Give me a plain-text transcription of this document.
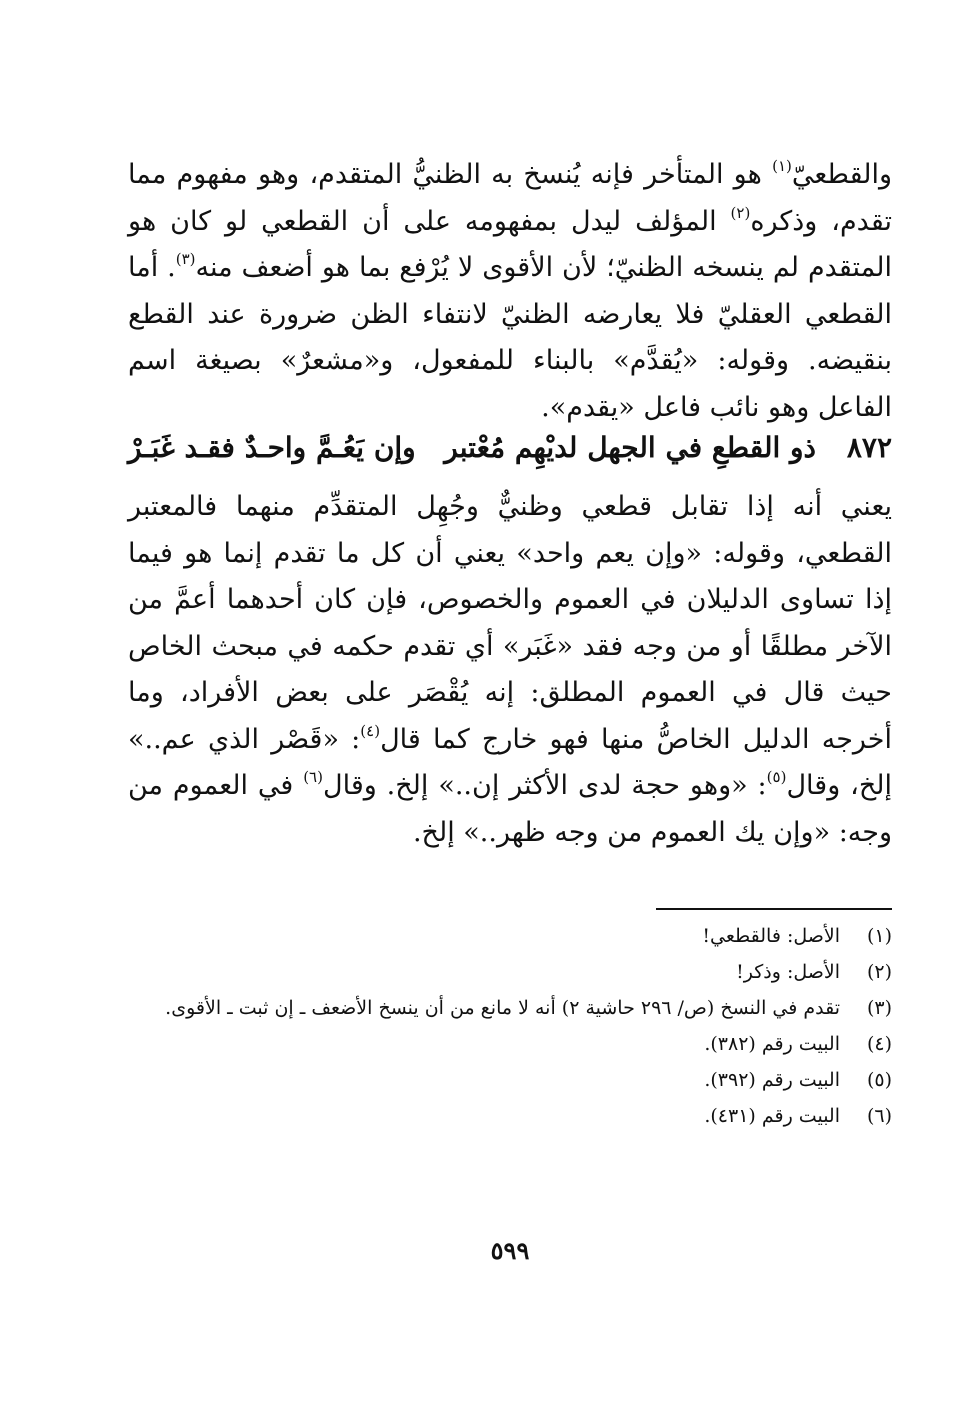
والقطعيّ$^{(١)}$ هو المتأخر فإنه يُنسخ به الظنيُّ المتقدم، وهو مفهوم مما تقدم، وذكره$^{(٢)}$ المؤلف ليدل بمفهومه على أن القطعي لو كان هو المتقدم لم ينسخه الظنيّ؛ لأن الأقوى لا يُرْفع بما هو أضعف منه$^{(٣)}$. أما القطعي العقليّ فلا يعارضه الظنيّ لانتفاء الظن ضرورة عند القطع بنقيضه. وقوله: «يُقدَّم» بالبناء للمفعول، و«مشعرٌ» بصيغة اسم الفاعل وهو نائب فاعل «يقدم».
٨٧٢
ذو القطعِ في الجهل لديْهِم مُعْتبر
وإن يَعُـمَّ واحـدٌ فقـد غَبَـرْ
يعني أنه إذا تقابل قطعي وظنيٌّ وجُهِل المتقدِّم منهما فالمعتبر القطعي، وقوله: «وإن يعم واحد» يعني أن كل ما تقدم إنما هو فيما إذا تساوى الدليلان في العموم والخصوص، فإن كان أحدهما أعمَّ من الآخر مطلقًا أو من وجه فقد «غَبَر» أي تقدم حكمه في مبحث الخاص حيث قال في العموم المطلق: إنه يُقْصَر على بعض الأفراد، وما أخرجه الدليل الخاصُّ منها فهو خارج كما قال$^{(٤)}$: «قَصْر الذي عم..» إلخ، وقال$^{(٥)}$: «وهو حجة لدى الأكثر إن..» إلخ. وقال$^{(٦)}$ في العموم من وجه: «وإن يك العموم من وجه ظهر..» إلخ.
(١)
الأصل: فالقطعي!
(٢)
الأصل: وذكر!
(٣)
تقدم في النسخ (ص/ ٢٩٦ حاشية ٢) أنه لا مانع من أن ينسخ الأضعف ـ إن ثبت ـ الأقوى.
(٤)
البيت رقم (٣٨٢).
(٥)
البيت رقم (٣٩٢).
(٦)
البيت رقم (٤٣١).
٥٩٩
